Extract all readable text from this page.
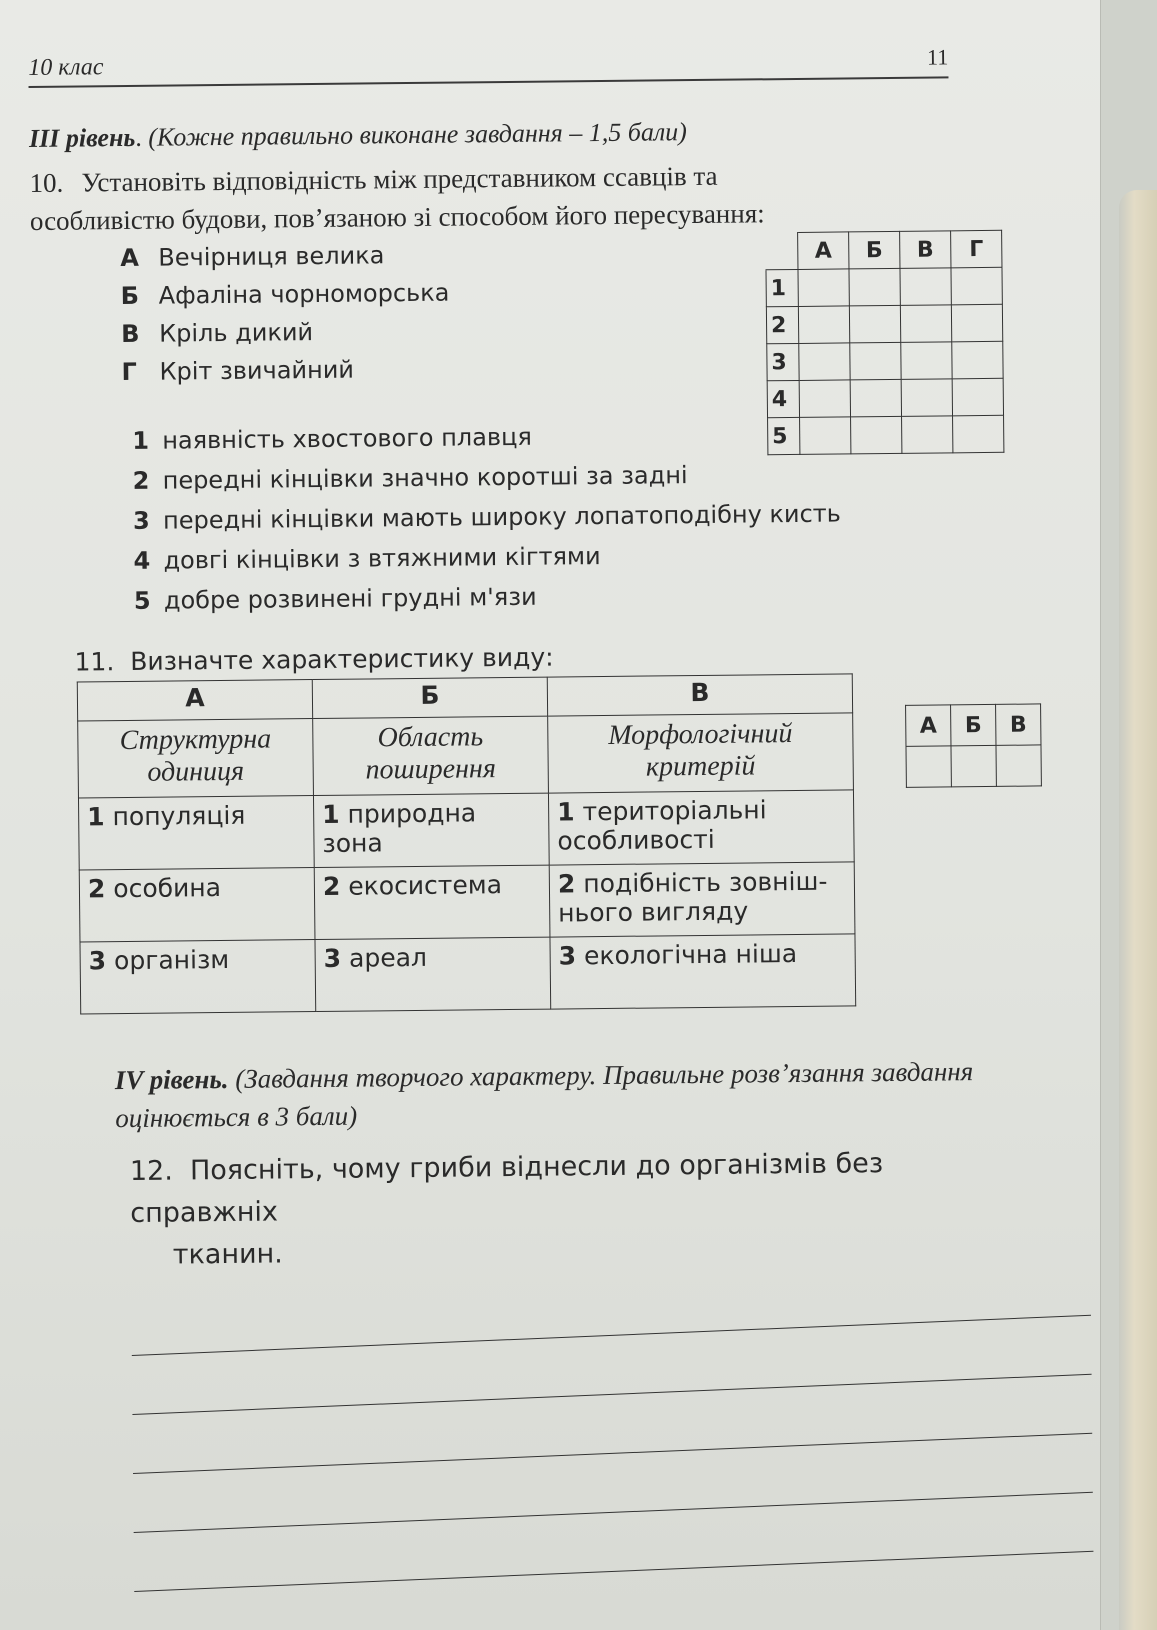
10 клас	11
III рівень. (Кожне правильно виконане завдання – 1,5 бали)
10. Установіть відповідність між представником ссавців та
особливістю будови, пов’язаною зі способом його пересування:
А Вечірниця велика
Б Афаліна чорноморська
В Кріль дикий
Г Кріт звичайний
1 наявність хвостового плавця
2 передні кінцівки значно коротші за задні
3 передні кінцівки мають широку лопатоподібну кисть
4 довгі кінцівки з втяжними кігтями
5 добре розвинені грудні м'язи
	А	Б	В	Г
1				
2				
3				
4				
5				
11. Визначте характеристику виду:
А	Б	В
Структурна одиниця	Область поширення	Морфологічний критерій
1 популяція	1 природна зона	1 територіальні особливості
2 особина	2 екосистема	2 подібність зовніш-нього вигляду
3 організм	3 ареал	3 екологічна ніша
А	Б	В

IV рівень. (Завдання творчого характеру. Правильне розв’язання завдання оцінюється в 3 бали)
12. Поясніть, чому гриби віднесли до організмів без справжніх
тканин.
